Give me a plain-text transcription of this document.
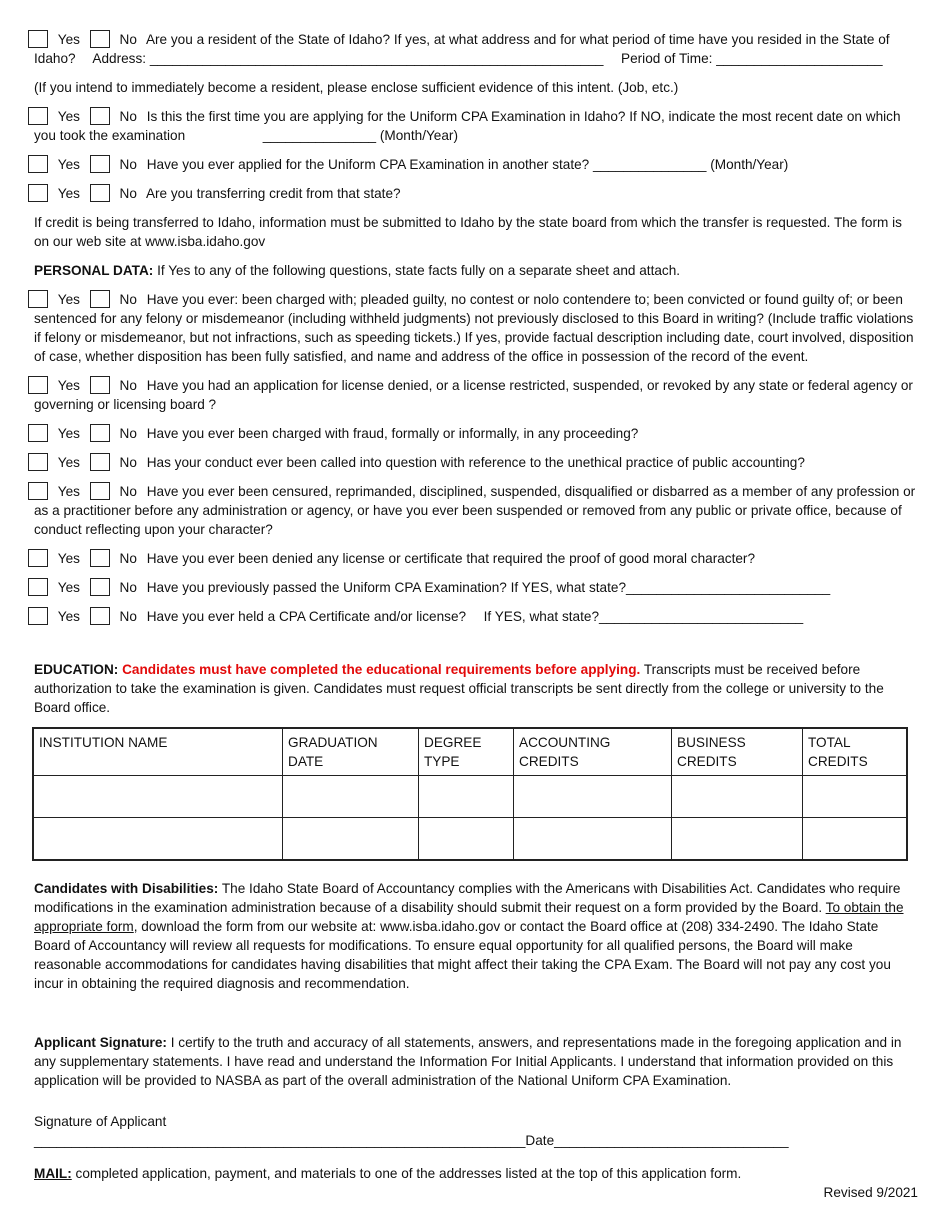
Yes	No Are you a resident of the State of Idaho? If yes, at what address and for what period of time have you resided in the State of Idaho? Address: ____________________________________________________________ Period of Time: ______________________

(If you intend to immediately become a resident, please enclose sufficient evidence of this intent. (Job, etc.)

Yes	No Is this the first time you are applying for the Uniform CPA Examination in Idaho? If NO, indicate the most recent date on which you took the examination	_______________ (Month/Year)
Yes	No Have you ever applied for the Uniform CPA Examination in another state? _______________ (Month/Year)
Yes	No Are you transferring credit from that state?

If credit is being transferred to Idaho, information must be submitted to Idaho by the state board from which the transfer is requested. The form is on our web site at www.isba.idaho.gov

PERSONAL DATA: If Yes to any of the following questions, state facts fully on a separate sheet and attach.

Yes	No Have you ever: been charged with; pleaded guilty, no contest or nolo contendere to; been convicted or found guilty of; or been sentenced for any felony or misdemeanor (including withheld judgments) not previously disclosed to this Board in writing? (Include traffic violations if felony or misdemeanor, but not infractions, such as speeding tickets.) If yes, provide factual description including date, court involved, disposition of case, whether disposition has been fully satisfied, and name and address of the office in possession of the record of the event.
Yes	No Have you had an application for license denied, or a license restricted, suspended, or revoked by any state or federal agency or governing or licensing board ?
Yes	No Have you ever been charged with fraud, formally or informally, in any proceeding?
Yes	No Has your conduct ever been called into question with reference to the unethical practice of public accounting?
Yes	No Have you ever been censured, reprimanded, disciplined, suspended, disqualified or disbarred as a member of any profession or as a practitioner before any administration or agency, or have you ever been suspended or removed from any public or private office, because of conduct reflecting upon your character?
Yes	No Have you ever been denied any license or certificate that required the proof of good moral character?
Yes	No Have you previously passed the Uniform CPA Examination? If YES, what state?___________________________
Yes	No Have you ever held a CPA Certificate and/or license? If YES, what state?___________________________

EDUCATION: Candidates must have completed the educational requirements before applying. Transcripts must be received before authorization to take the examination is given. Candidates must request official transcripts be sent directly from the college or university to the Board office.

INSTITUTION NAME	GRADUATION DATE	DEGREE TYPE	ACCOUNTING CREDITS	BUSINESS CREDITS	TOTAL CREDITS

Candidates with Disabilities: The Idaho State Board of Accountancy complies with the Americans with Disabilities Act. Candidates who require modifications in the examination administration because of a disability should submit their request on a form provided by the Board. To obtain the appropriate form, download the form from our website at: www.isba.idaho.gov or contact the Board office at (208) 334-2490. The Idaho State Board of Accountancy will review all requests for modifications. To ensure equal opportunity for all qualified persons, the Board will make reasonable accommodations for candidates having disabilities that might affect their taking the CPA Exam. The Board will not pay any cost you incur in obtaining the required diagnosis and recommendation.

Applicant Signature: I certify to the truth and accuracy of all statements, answers, and representations made in the foregoing application and in any supplementary statements. I have read and understand the Information For Initial Applicants. I understand that information provided on this application will be provided to NASBA as part of the overall administration of the National Uniform CPA Examination.

Signature of Applicant _________________________________________________________________Date_______________________________

MAIL: completed application, payment, and materials to one of the addresses listed at the top of this application form.

Revised 9/2021
